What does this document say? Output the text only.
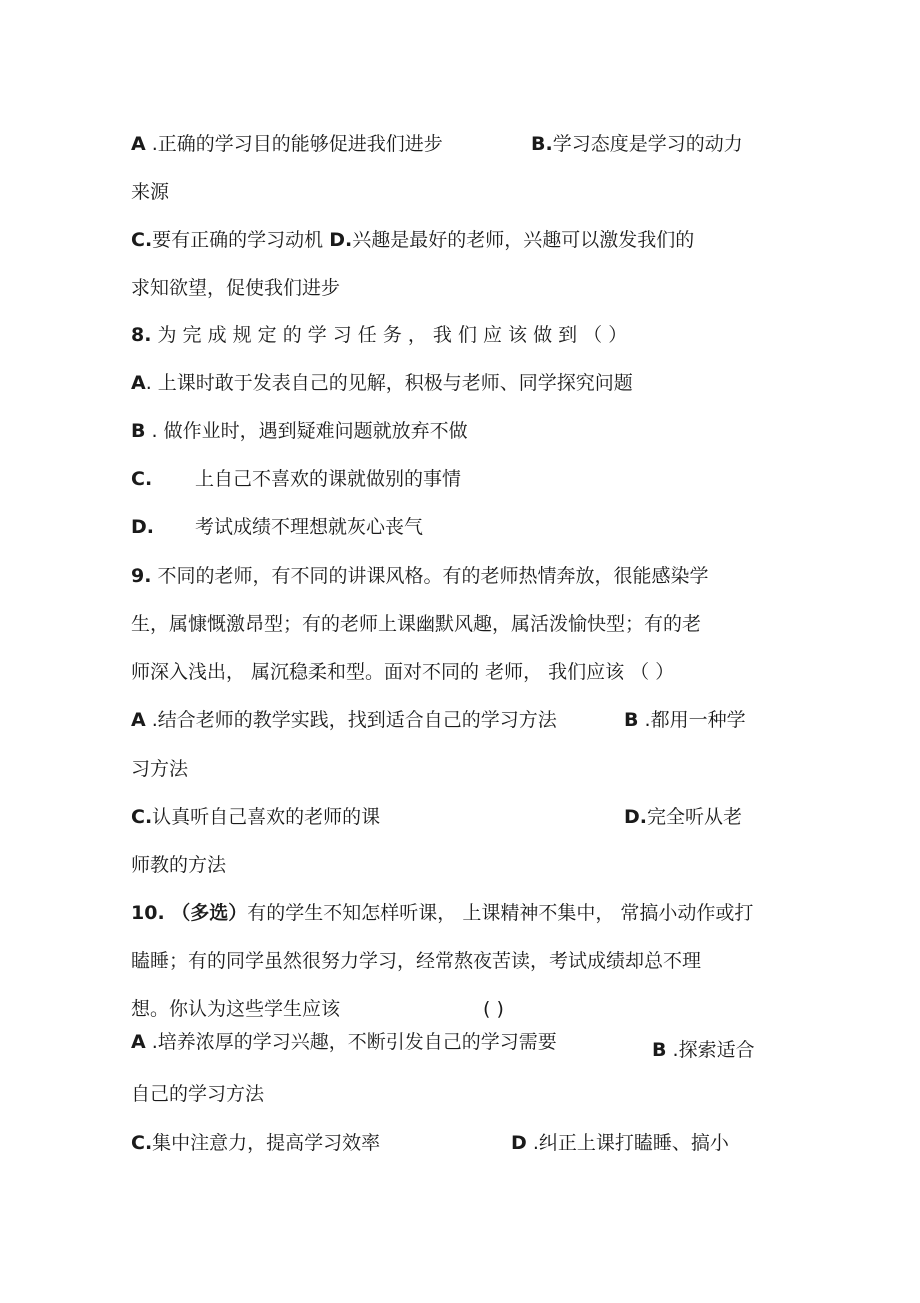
A .正确的学习目的能够促进我们进步	B.学习态度是学习的动力
来源
C.要有正确的学习动机 D.兴趣是最好的老师，兴趣可以激发我们的
求知欲望，促使我们进步
8. 为 完 成 规 定 的 学 习 任 务 ， 我 们 应 该 做 到 （ ）
A. 上课时敢于发表自己的见解，积极与老师、同学探究问题
B . 做作业时，遇到疑难问题就放弃不做
C. 上自己不喜欢的课就做别的事情
D. 考试成绩不理想就灰心丧气
9. 不同的老师，有不同的讲课风格。有的老师热情奔放，很能感染学
生，属慷慨激昂型；有的老师上课幽默风趣，属活泼愉快型；有的老
师深入浅出， 属沉稳柔和型。面对不同的 老师， 我们应该 （ ）
A .结合老师的教学实践，找到适合自己的学习方法	B .都用一种学
习方法
C.认真听自己喜欢的老师的课	D.完全听从老
师教的方法
10. （多选）有的学生不知怎样听课， 上课精神不集中， 常搞小动作或打
瞌睡；有的同学虽然很努力学习，经常熬夜苦读，考试成绩却总不理
想。你认为这些学生应该	( )
A .培养浓厚的学习兴趣，不断引发自己的学习需要	B .探索适合
自己的学习方法
C.集中注意力，提高学习效率	D .纠正上课打瞌睡、搞小
